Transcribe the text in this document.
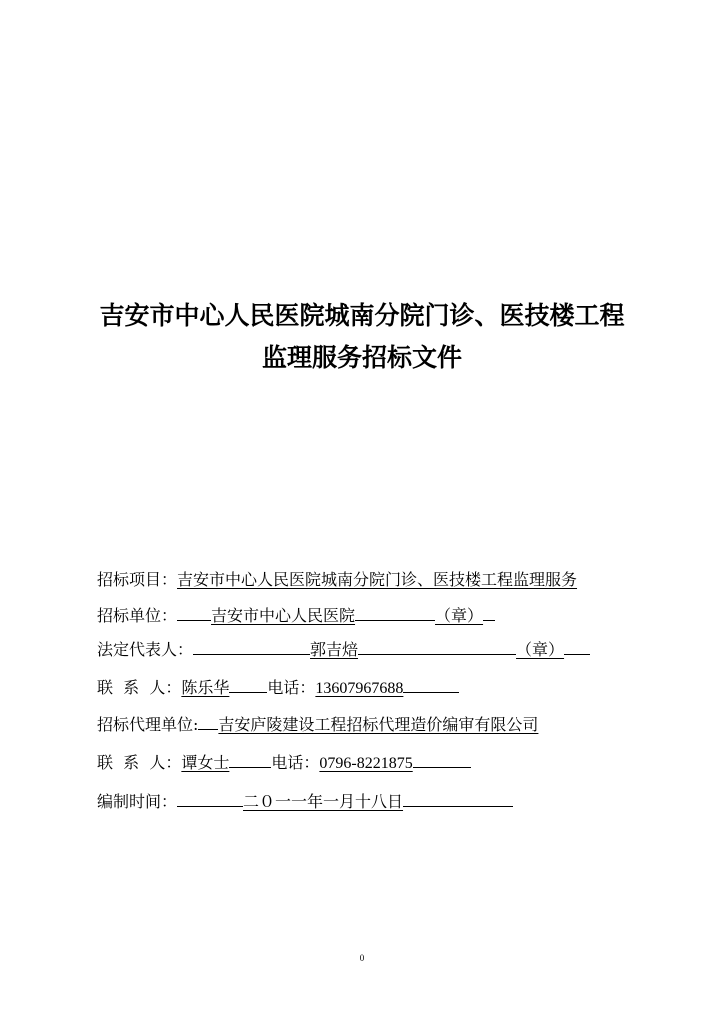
吉安市中心人民医院城南分院门诊、医技楼工程
监理服务招标文件
招标项目：吉安市中心人民医院城南分院门诊、医技楼工程监理服务
招标单位： 吉安市中心人民医院	（章）
法定代表人：	郭吉焙	（章）
联  系  人：陈乐华 电话：13607967688
招标代理单位: 吉安庐陵建设工程招标代理造价编审有限公司
联  系  人：谭女士	电话：0796-8221875
编制时间：	二０一一年一月十八日
0
